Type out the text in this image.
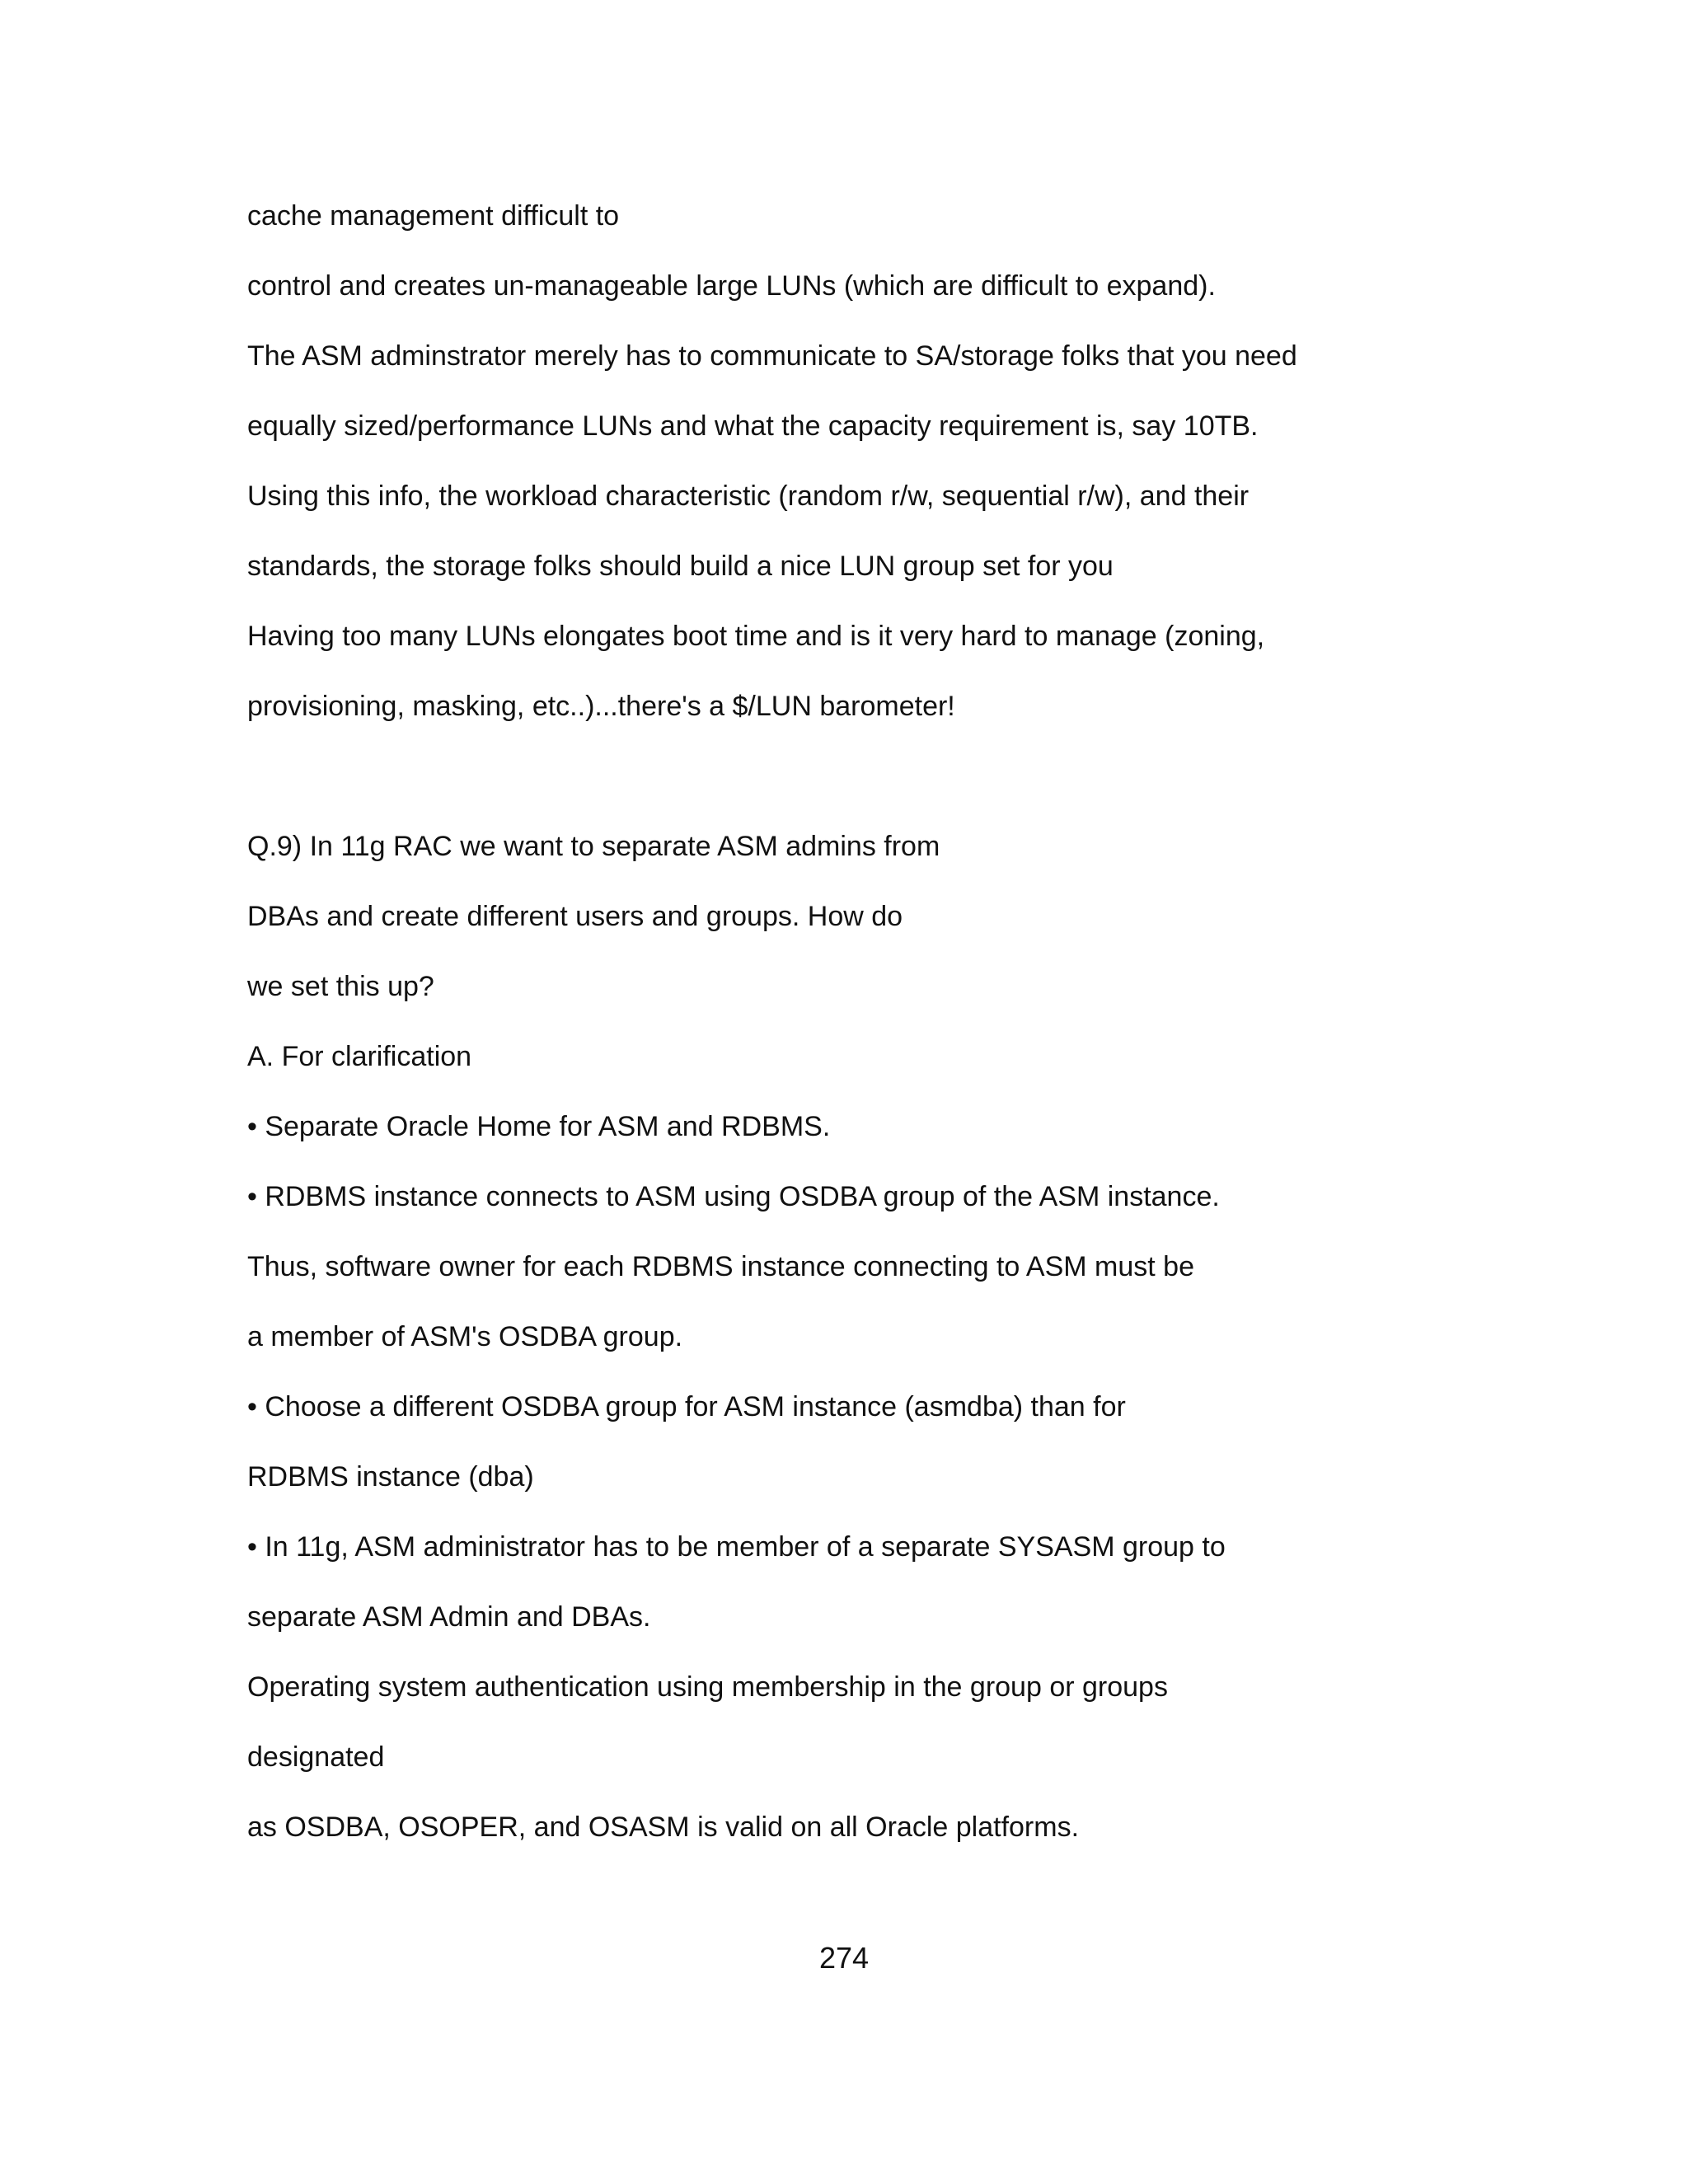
cache management difficult to
control and creates un-manageable large LUNs (which are difficult to expand).
The ASM adminstrator merely has to communicate to SA/storage folks that you need
equally sized/performance LUNs and what the capacity requirement is, say 10TB.
Using this info, the workload characteristic (random r/w, sequential r/w), and their
standards, the storage folks should build a nice LUN group set for you
Having too many LUNs elongates boot time and is it very hard to manage (zoning,
provisioning, masking, etc..)...there's a $/LUN barometer!
Q.9) In 11g RAC we want to separate ASM admins from
DBAs and create different users and groups. How do
we set this up?
A. For clarification
• Separate Oracle Home for ASM and RDBMS.
• RDBMS instance connects to ASM using OSDBA group of the ASM instance.
Thus, software owner for each RDBMS instance connecting to ASM must be
a member of ASM's OSDBA group.
• Choose a different OSDBA group for ASM instance (asmdba) than for
RDBMS instance (dba)
• In 11g, ASM administrator has to be member of a separate SYSASM group to
separate ASM Admin and DBAs.
Operating system authentication using membership in the group or groups
designated
as OSDBA, OSOPER, and OSASM is valid on all Oracle platforms.
274
